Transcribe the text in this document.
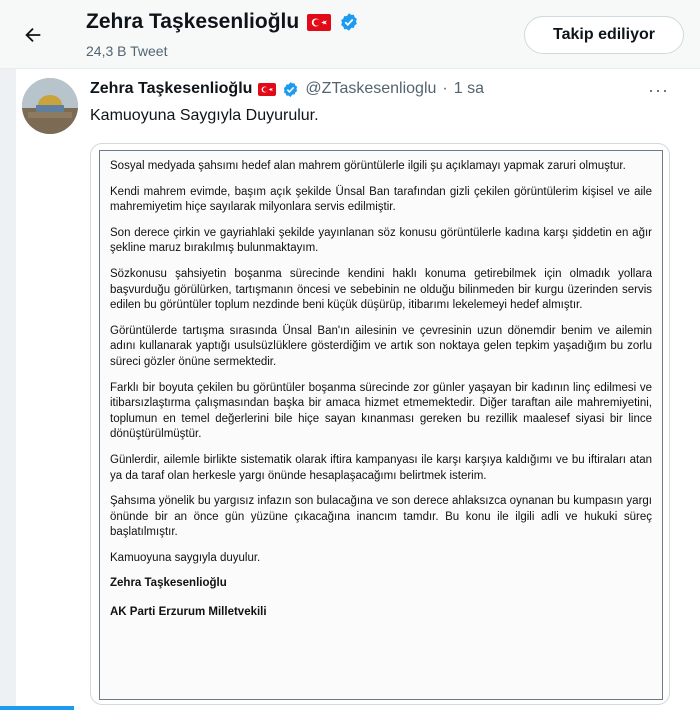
Zehra Taşkesenlioğlu
24,3 B Tweet
Takip ediliyor
Zehra Taşkesenlioğlu	@ZTaskesenlioglu · 1 sa	···
Kamuoyuna Saygıyla Duyurulur.

Sosyal medyada şahsımı hedef alan mahrem görüntülerle ilgili şu açıklamayı yapmak zaruri olmuştur.

Kendi mahrem evimde, başım açık şekilde Ünsal Ban tarafından gizli çekilen görüntülerim kişisel ve aile mahremiyetim hiçe sayılarak milyonlara servis edilmiştir.

Son derece çirkin ve gayriahlaki şekilde yayınlanan söz konusu görüntülerle kadına karşı şiddetin en ağır şekline maruz bırakılmış bulunmaktayım.

Sözkonusu şahsiyetin boşanma sürecinde kendini haklı konuma getirebilmek için olmadık yollara başvurduğu görülürken, tartışmanın öncesi ve sebebinin ne olduğu bilinmeden bir kurgu üzerinden servis edilen bu görüntüler toplum nezdinde beni küçük düşürüp, itibarımı lekelemeyi hedef almıştır.

Görüntülerde tartışma sırasında Ünsal Ban'ın ailesinin ve çevresinin uzun dönemdir benim ve ailemin adını kullanarak yaptığı usulsüzlüklere gösterdiğim ve artık son noktaya gelen tepkim yaşadığım bu zorlu süreci gözler önüne sermektedir.

Farklı bir boyuta çekilen bu görüntüler boşanma sürecinde zor günler yaşayan bir kadının linç edilmesi ve itibarsızlaştırma çalışmasından başka bir amaca hizmet etmemektedir. Diğer taraftan aile mahremiyetini, toplumun en temel değerlerini bile hiçe sayan kınanması gereken bu rezillik maalesef siyasi bir lince dönüştürülmüştür.

Günlerdir, ailemle birlikte sistematik olarak iftira kampanyası ile karşı karşıya kaldığımı ve bu iftiraları atan ya da taraf olan herkesle yargı önünde hesaplaşacağımı belirtmek isterim.

Şahsıma yönelik bu yargısız infazın son bulacağına ve son derece ahlaksızca oynanan bu kumpasın yargı önünde bir an önce gün yüzüne çıkacağına inancım tamdır. Bu konu ile ilgili adli ve hukuki süreç başlatılmıştır.

Kamuoyuna saygıyla duyulur.

Zehra Taşkesenlioğlu

AK Parti Erzurum Milletvekili
